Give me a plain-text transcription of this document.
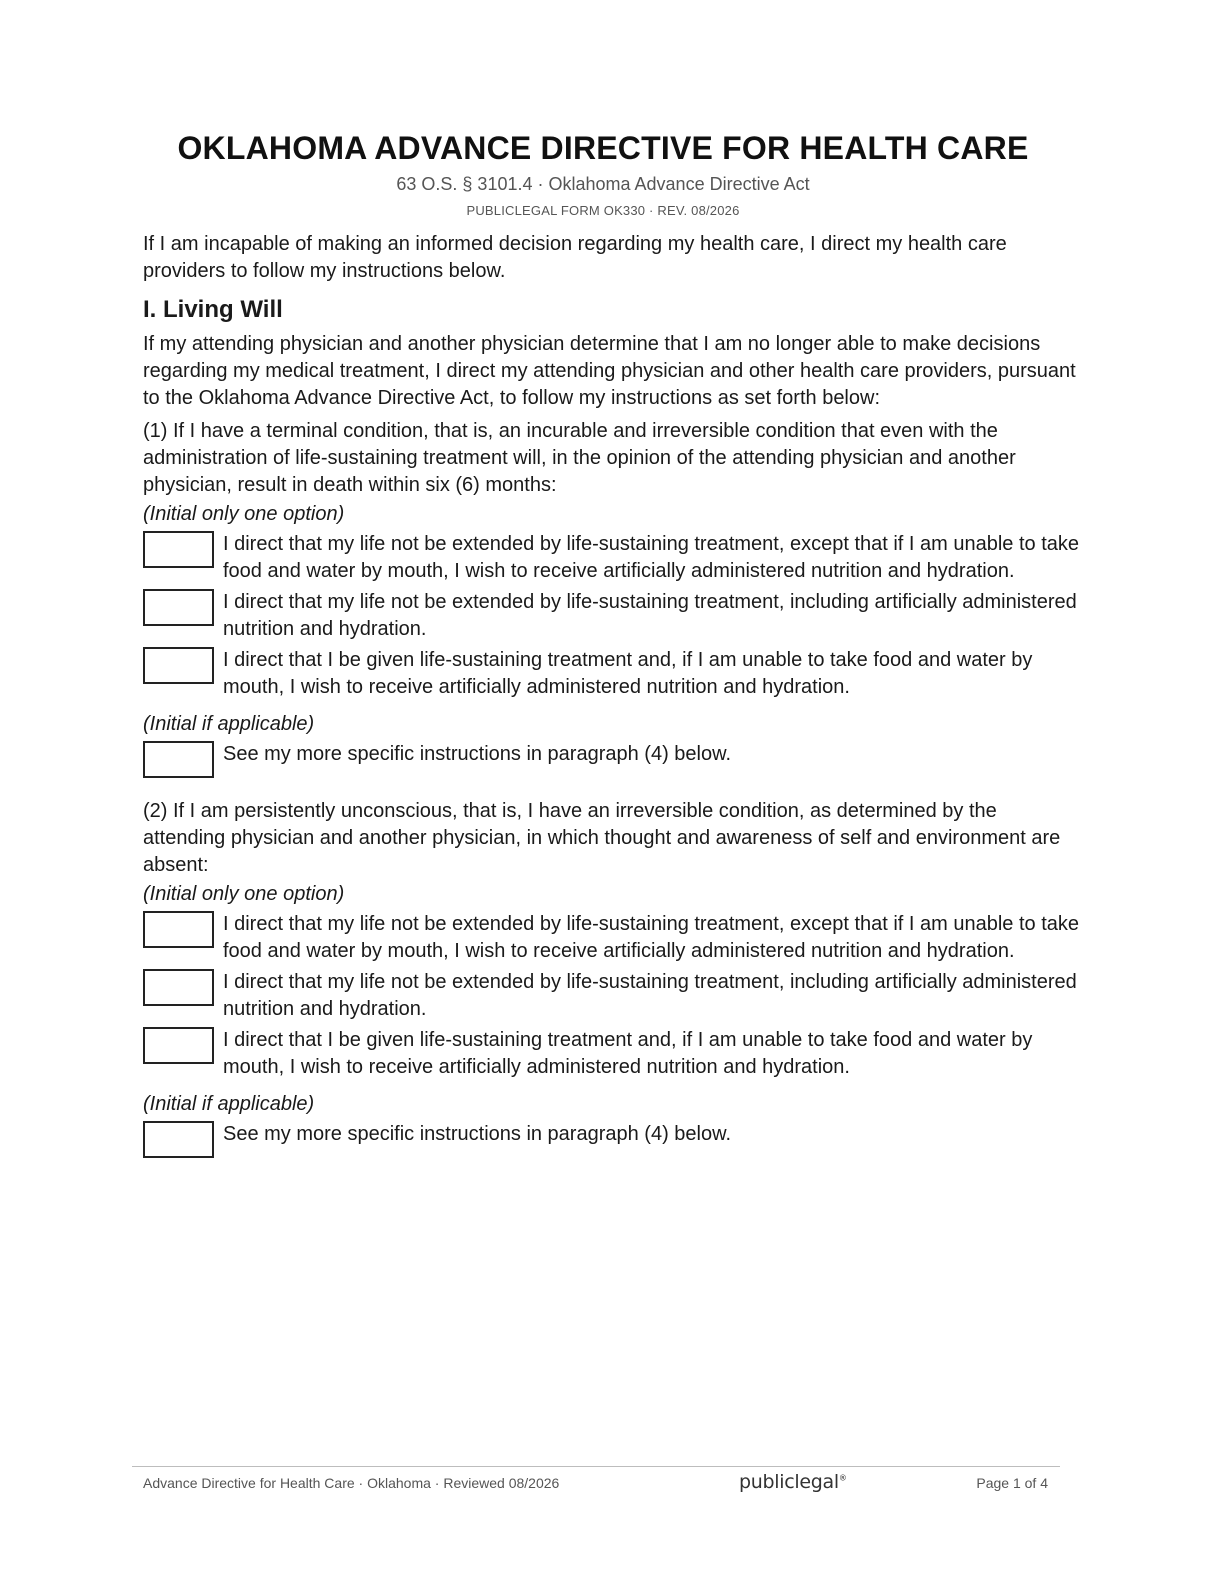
OKLAHOMA ADVANCE DIRECTIVE FOR HEALTH CARE
63 O.S. § 3101.4 · Oklahoma Advance Directive Act
PUBLICLEGAL FORM OK330 · REV. 08/2026

If I am incapable of making an informed decision regarding my health care, I direct my health care providers to follow my instructions below.

I. Living Will

If my attending physician and another physician determine that I am no longer able to make decisions regarding my medical treatment, I direct my attending physician and other health care providers, pursuant to the Oklahoma Advance Directive Act, to follow my instructions as set forth below:

(1) If I have a terminal condition, that is, an incurable and irreversible condition that even with the administration of life-sustaining treatment will, in the opinion of the attending physician and another physician, result in death within six (6) months:

(Initial only one option)
I direct that my life not be extended by life-sustaining treatment, except that if I am unable to take food and water by mouth, I wish to receive artificially administered nutrition and hydration.
I direct that my life not be extended by life-sustaining treatment, including artificially administered nutrition and hydration.
I direct that I be given life-sustaining treatment and, if I am unable to take food and water by mouth, I wish to receive artificially administered nutrition and hydration.
(Initial if applicable)
See my more specific instructions in paragraph (4) below.

(2) If I am persistently unconscious, that is, I have an irreversible condition, as determined by the attending physician and another physician, in which thought and awareness of self and environment are absent:

(Initial only one option)
I direct that my life not be extended by life-sustaining treatment, except that if I am unable to take food and water by mouth, I wish to receive artificially administered nutrition and hydration.
I direct that my life not be extended by life-sustaining treatment, including artificially administered nutrition and hydration.
I direct that I be given life-sustaining treatment and, if I am unable to take food and water by mouth, I wish to receive artificially administered nutrition and hydration.
(Initial if applicable)
See my more specific instructions in paragraph (4) below.
Advance Directive for Health Care · Oklahoma · Reviewed 08/2026	publiclegal®	Page 1 of 4
